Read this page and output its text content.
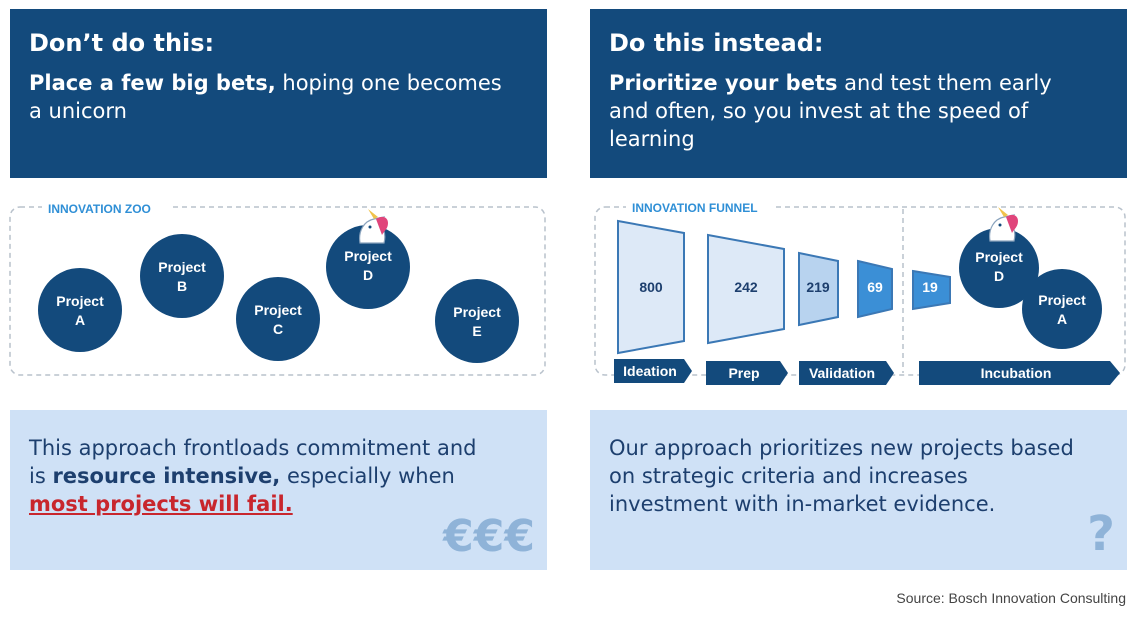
Don’t do this:
Place a few big bets, hoping one becomes a unicorn
Do this instead:
Prioritize your bets and test them early and often, so you invest at the speed of learning
INNOVATION ZOO
Project
A
Project
B
Project
C
Project
D
Project
E
INNOVATION FUNNEL
800	242	219	69	19
Project
D
Project
A
Ideation	Prep	Validation	Incubation
This approach frontloads commitment and is resource intensive, especially when most projects will fail.
€€€
Our approach prioritizes new projects based on strategic criteria and increases investment with in-market evidence.
?
Source: Bosch Innovation Consulting
